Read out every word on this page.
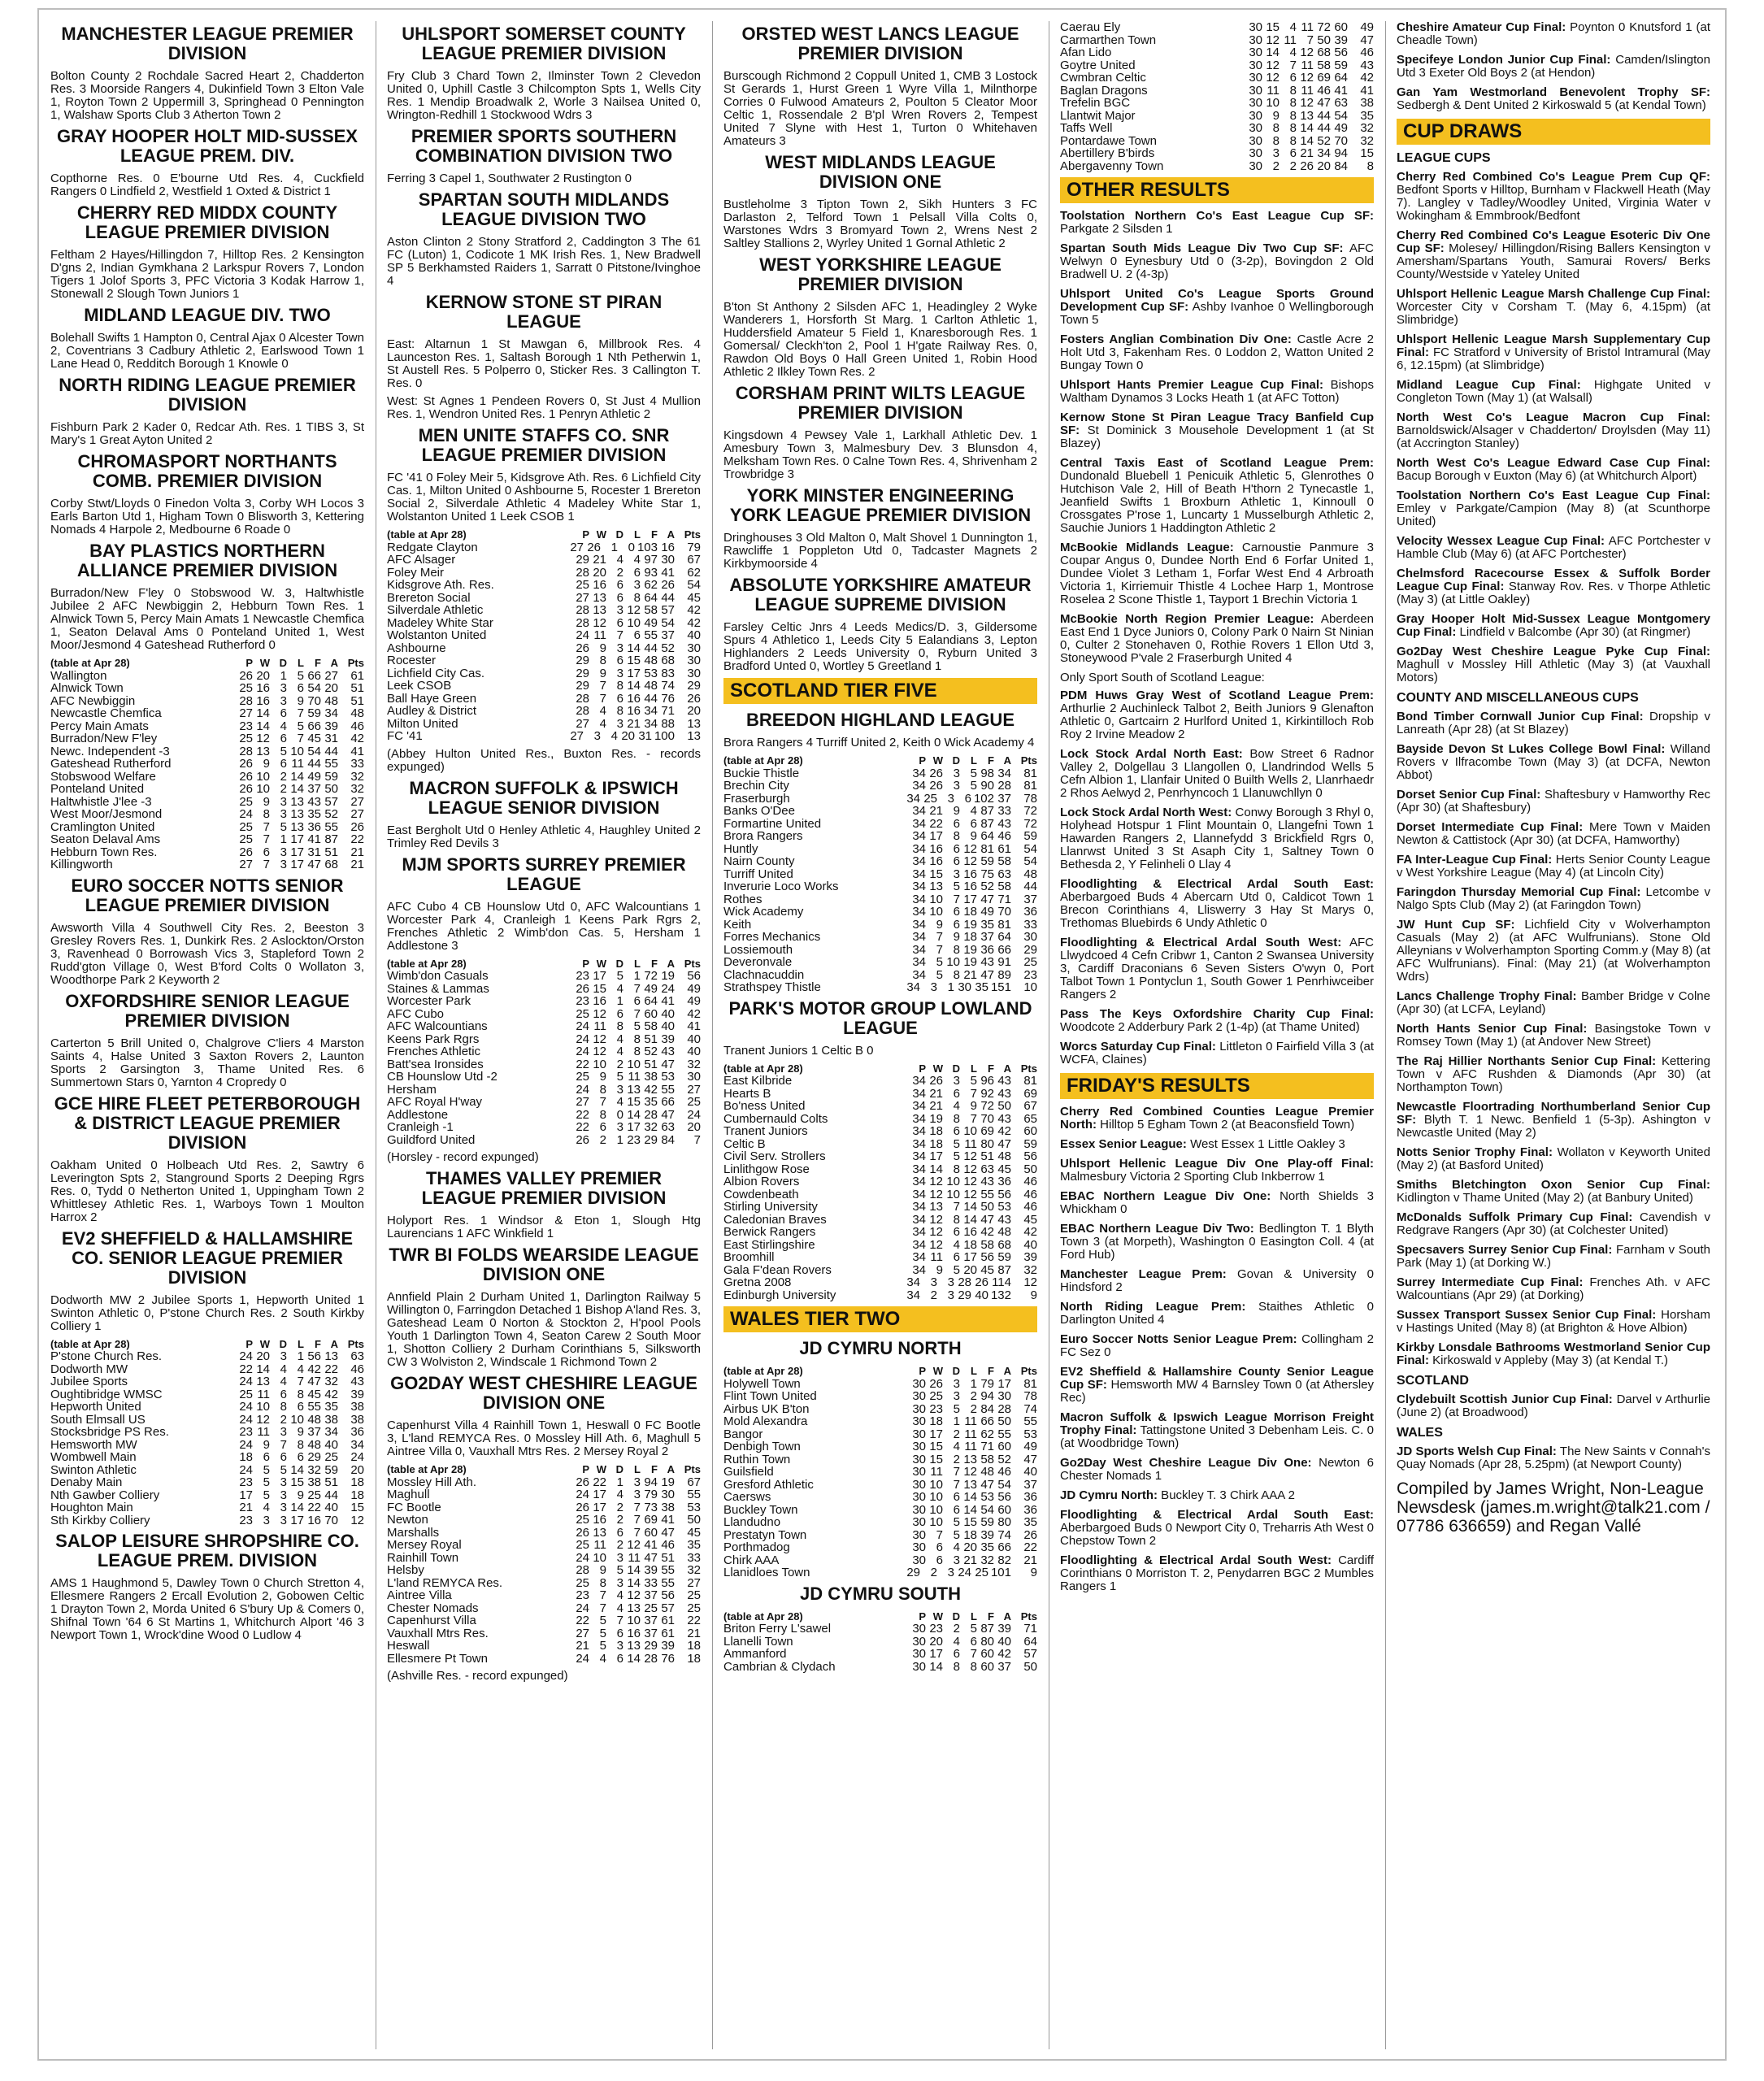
MANCHESTER LEAGUE PREMIER DIVISION
Bolton County 2 Rochdale Sacred Heart 2, Chadderton Res. 3 Moorside Rangers 4, Dukinfield Town 3 Elton Vale 1, Royton Town 2 Uppermill 3, Springhead 0 Pennington 1, Walshaw Sports Club 3 Atherton Town 2
GRAY HOOPER HOLT MID-SUSSEX LEAGUE PREM. DIV.
Copthorne Res. 0 E'bourne Utd Res. 4, Cuckfield Rangers 0 Lindfield 2, Westfield 1 Oxted & District 1
CHERRY RED MIDDX COUNTY LEAGUE PREMIER DIVISION
Feltham 2 Hayes/Hillingdon 7, Hilltop Res. 2 Kensington D'gns 2, Indian Gymkhana 2 Larkspur Rovers 7, London Tigers 1 Jolof Sports 3, PFC Victoria 3 Kodak Harrow 1, Stonewall 2 Slough Town Juniors 1
MIDLAND LEAGUE DIV. TWO
Bolehall Swifts 1 Hampton 0, Central Ajax 0 Alcester Town 2, Coventrians 3 Cadbury Athletic 2, Earlswood Town 1 Lane Head 0, Redditch Borough 1 Knowle 0
NORTH RIDING LEAGUE PREMIER DIVISION
Fishburn Park 2 Kader 0, Redcar Ath. Res. 1 TIBS 3, St Mary's 1 Great Ayton United 2
CHROMASPORT NORTHANTS COMB. PREMIER DIVISION
Corby Stwt/Lloyds 0 Finedon Volta 3, Corby WH Locos 3 Earls Barton Utd 1, Higham Town 0 Blisworth 3, Kettering Nomads 4 Harpole 2, Medbourne 6 Roade 0
BAY PLASTICS NORTHERN ALLIANCE PREMIER DIVISION
Burradon/New F'ley 0 Stobswood W. 3, Haltwhistle Jubilee 2 AFC Newbiggin 2, Hebburn Town Res. 1 Alnwick Town 5, Percy Main Amats 1 Newcastle Chemfica 1, Seaton Delaval Ams 0 Ponteland United 1, West Moor/Jesmond 4 Gateshead Rutherford 0
(table at Apr 28)	P W D	L	F A Pts
Wallington	26 20 1 5 66 27	61
Alnwick Town	25 16 3 6 54 20	51
AFC Newbiggin	28 16 3 9 70 48	51
Newcastle Chemfica	27 14 6 7 59 34	48
Percy Main Amats	23 14 4 5 66 39	46
Burradon/New F'ley	25 12 6 7 45 31	42
Newc. Independent -3	28 13 5 10 54 44	41
Gateshead Rutherford	26 9 6 11 44 55	33
Stobswood Welfare	26 10 2 14 49 59	32
Ponteland United	26 10 2 14 37 50	32
Haltwhistle J'lee -3	25 9 3 13 43 57	27
West Moor/Jesmond	24 8 3 13 35 52	27
Cramlington United	25 7 5 13 36 55	26
Seaton Delaval Ams	25 7 1 17 41 87	22
Hebburn Town Res.	26 6 3 17 31 51	21
Killingworth	27 7 3 17 47 68	21
EURO SOCCER NOTTS SENIOR LEAGUE PREMIER DIVISION
Awsworth Villa 4 Southwell City Res. 2, Beeston 3 Gresley Rovers Res. 1, Dunkirk Res. 2 Aslockton/Orston 3, Ravenhead 0 Borrowash Vics 3, Stapleford Town 2 Rudd'gton Village 0, West B'ford Colts 0 Wollaton 3, Woodthorpe Park 2 Keyworth 2
OXFORDSHIRE SENIOR LEAGUE PREMIER DIVISION
Carterton 5 Brill United 0, Chalgrove C'liers 4 Marston Saints 4, Halse United 3 Saxton Rovers 2, Launton Sports 2 Garsington 3, Thame United Res. 6 Summertown Stars 0, Yarnton 4 Cropredy 0
GCE HIRE FLEET PETERBOROUGH & DISTRICT LEAGUE PREMIER DIVISION
Oakham United 0 Holbeach Utd Res. 2, Sawtry 6 Leverington Spts 2, Stanground Sports 2 Deeping Rgrs Res. 0, Tydd 0 Netherton United 1, Uppingham Town 2 Whittlesey Athletic Res. 1, Warboys Town 1 Moulton Harrox 2
EV2 SHEFFIELD & HALLAMSHIRE CO. SENIOR LEAGUE PREMIER DIVISION
Dodworth MW 2 Jubilee Sports 1, Hepworth United 1 Swinton Athletic 0, P'stone Church Res. 2 South Kirkby Colliery 1
(table at Apr 28)	P W D	L	F A Pts
P'stone Church Res.	24 20 3 1 56 13	63
Dodworth MW	22 14 4 4 42 22	46
Jubilee Sports	24 13 4 7 47 32	43
Oughtibridge WMSC	25 11 6 8 45 42	39
Hepworth United	24 10 8 6 55 35	38
South Elmsall US	24 12 2 10 48 38	38
Stocksbridge PS Res.	23 11 3 9 37 34	36
Hemsworth MW	24 9 7 8 48 40	34
Wombwell Main	18 6 6 6 29 25	24
Swinton Athletic	24 5 5 14 32 59	20
Denaby Main	23 5 3 15 38 51	18
Nth Gawber Colliery	17 5 3 9 25 44	18
Houghton Main	21 4 3 14 22 40	15
Sth Kirkby Colliery	23 3 3 17 16 70	12
SALOP LEISURE SHROPSHIRE CO. LEAGUE PREM. DIVISION
AMS 1 Haughmond 5, Dawley Town 0 Church Stretton 4, Ellesmere Rangers 2 Ercall Evolution 2, Gobowen Celtic 1 Drayton Town 2, Morda United 6 S'bury Up & Comers 0, Shifnal Town '64 6 St Martins 1, Whitchurch Alport '46 3 Newport Town 1, Wrock'dine Wood 0 Ludlow 4
UHLSPORT SOMERSET COUNTY LEAGUE PREMIER DIVISION
Fry Club 3 Chard Town 2, Ilminster Town 2 Clevedon United 0, Uphill Castle 3 Chilcompton Spts 1, Wells City Res. 1 Mendip Broadwalk 2, Worle 3 Nailsea United 0, Wrington-Redhill 1 Stockwood Wdrs 3
PREMIER SPORTS SOUTHERN COMBINATION DIVISION TWO
Ferring 3 Capel 1, Southwater 2 Rustington 0
SPARTAN SOUTH MIDLANDS LEAGUE DIVISION TWO
Aston Clinton 2 Stony Stratford 2, Caddington 3 The 61 FC (Luton) 1, Codicote 1 MK Irish Res. 1, New Bradwell SP 5 Berkhamsted Raiders 1, Sarratt 0 Pitstone/Ivinghoe 4
KERNOW STONE ST PIRAN LEAGUE
East: Altarnun 1 St Mawgan 6, Millbrook Res. 4 Launceston Res. 1, Saltash Borough 1 Nth Petherwin 1, St Austell Res. 5 Polperro 0, Sticker Res. 3 Callington T. Res. 0
West: St Agnes 1 Pendeen Rovers 0, St Just 4 Mullion Res. 1, Wendron United Res. 1 Penryn Athletic 2
MEN UNITE STAFFS CO. SNR LEAGUE PREMIER DIVISION
FC '41 0 Foley Meir 5, Kidsgrove Ath. Res. 6 Lichfield City Cas. 1, Milton United 0 Ashbourne 5, Rocester 1 Brereton Social 2, Silverdale Athletic 4 Madeley White Star 1, Wolstanton United 1 Leek CSOB 1
(table at Apr 28)	P W D	L	F A Pts
Redgate Clayton	27 26 1 0 103 16	79
AFC Alsager	29 21 4 4 97 30	67
Foley Meir	28 20 2 6 93 41	62
Kidsgrove Ath. Res.	25 16 6 3 62 26	54
Brereton Social	27 13 6 8 64 44	45
Silverdale Athletic	28 13 3 12 58 57	42
Madeley White Star	28 12 6 10 49 54	42
Wolstanton United	24 11 7 6 55 37	40
Ashbourne	26 9 3 14 44 52	30
Rocester	29 8 6 15 48 68	30
Lichfield City Cas.	29 9 3 17 53 83	30
Leek CSOB	29 7 8 14 48 74	29
Ball Haye Green	28 7 6 16 44 76	26
Audley & District	28 4 8 16 34 71	20
Milton United	27 4 3 21 34 88	13
FC '41	27 3 4 20 31 100	13
(Abbey Hulton United Res., Buxton Res. - records expunged)
MACRON SUFFOLK & IPSWICH LEAGUE SENIOR DIVISION
East Bergholt Utd 0 Henley Athletic 4, Haughley United 2 Trimley Red Devils 3
MJM SPORTS SURREY PREMIER LEAGUE
AFC Cubo 4 CB Hounslow Utd 0, AFC Walcountians 1 Worcester Park 4, Cranleigh 1 Keens Park Rgrs 2, Frenches Athletic 2 Wimb'don Cas. 5, Hersham 1 Addlestone 3
(table at Apr 28)	P W D	L	F A Pts
Wimb'don Casuals	23 17 5 1 72 19	56
Staines & Lammas	26 15 4 7 49 24	49
Worcester Park	23 16 1 6 64 41	49
AFC Cubo	25 12 6 7 60 40	42
AFC Walcountians	24 11 8 5 58 40	41
Keens Park Rgrs	24 12 4 8 51 39	40
Frenches Athletic	24 12 4 8 52 43	40
Batt'sea Ironsides	22 10 2 10 51 47	32
CB Hounslow Utd -2	25 9 5 11 38 53	30
Hersham	24 8 3 13 42 55	27
AFC Royal H'way	27 7 4 15 35 66	25
Addlestone	22 8 0 14 28 47	24
Cranleigh -1	22 6 3 17 32 63	20
Guildford United	26 2 1 23 29 84	7
(Horsley - record expunged)
THAMES VALLEY PREMIER LEAGUE PREMIER DIVISION
Holyport Res. 1 Windsor & Eton 1, Slough Htg Laurencians 1 AFC Winkfield 1
TWR BI FOLDS WEARSIDE LEAGUE DIVISION ONE
Annfield Plain 2 Durham United 1, Darlington Railway 5 Willington 0, Farringdon Detached 1 Bishop A'land Res. 3, Gateshead Leam 0 Norton & Stockton 2, H'pool Pools Youth 1 Darlington Town 4, Seaton Carew 2 South Moor 1, Shotton Colliery 2 Durham Corinthians 5, Silksworth CW 3 Wolviston 2, Windscale 1 Richmond Town 2
GO2DAY WEST CHESHIRE LEAGUE DIVISION ONE
Capenhurst Villa 4 Rainhill Town 1, Heswall 0 FC Bootle 3, L'land REMYCA Res. 0 Mossley Hill Ath. 6, Maghull 5 Aintree Villa 0, Vauxhall Mtrs Res. 2 Mersey Royal 2
(table at Apr 28)	P W D	L	F A Pts
Mossley Hill Ath.	26 22 1 3 94 19	67
Maghull	24 17 4 3 79 30	55
FC Bootle	26 17 2 7 73 38	53
Newton	25 16 2 7 69 41	50
Marshalls	26 13 6 7 60 47	45
Mersey Royal	25 11 2 12 41 46	35
Rainhill Town	24 10 3 11 47 51	33
Helsby	28 9 5 14 39 55	32
L'land REMYCA Res.	25 8 3 14 33 55	27
Aintree Villa	23 7 4 12 37 56	25
Chester Nomads	24 7 4 13 25 57	25
Capenhurst Villa	22 5 7 10 37 61	22
Vauxhall Mtrs Res.	27 5 6 16 37 61	21
Heswall	21 5 3 13 29 39	18
Ellesmere Pt Town	24 4 6 14 28 76	18
(Ashville Res. - record expunged)
ORSTED WEST LANCS LEAGUE PREMIER DIVISION
Burscough Richmond 2 Coppull United 1, CMB 3 Lostock St Gerards 1, Hurst Green 1 Wyre Villa 1, Milnthorpe Corries 0 Fulwood Amateurs 2, Poulton 5 Cleator Moor Celtic 1, Rossendale 2 B'pl Wren Rovers 2, Tempest United 7 Slyne with Hest 1, Turton 0 Whitehaven Amateurs 3
WEST MIDLANDS LEAGUE DIVISION ONE
Bustleholme 3 Tipton Town 2, Sikh Hunters 3 FC Darlaston 2, Telford Town 1 Pelsall Villa Colts 0, Warstones Wdrs 3 Bromyard Town 2, Wrens Nest 2 Saltley Stallions 2, Wyrley United 1 Gornal Athletic 2
WEST YORKSHIRE LEAGUE PREMIER DIVISION
B'ton St Anthony 2 Silsden AFC 1, Headingley 2 Wyke Wanderers 1, Horsforth St Marg. 1 Carlton Athletic 1, Huddersfield Amateur 5 Field 1, Knaresborough Res. 1 Gomersal/ Cleckh'ton 2, Pool 1 H'gate Railway Res. 0, Rawdon Old Boys 0 Hall Green United 1, Robin Hood Athletic 2 Ilkley Town Res. 2
CORSHAM PRINT WILTS LEAGUE PREMIER DIVISION
Kingsdown 4 Pewsey Vale 1, Larkhall Athletic Dev. 1 Amesbury Town 3, Malmesbury Dev. 3 Blunsdon 4, Melksham Town Res. 0 Calne Town Res. 4, Shrivenham 2 Trowbridge 3
YORK MINSTER ENGINEERING YORK LEAGUE PREMIER DIVISION
Dringhouses 3 Old Malton 0, Malt Shovel 1 Dunnington 1, Rawcliffe 1 Poppleton Utd 0, Tadcaster Magnets 2 Kirkbymoorside 4
ABSOLUTE YORKSHIRE AMATEUR LEAGUE SUPREME DIVISION
Farsley Celtic Jnrs 4 Leeds Medics/D. 3, Gildersome Spurs 4 Athletico 1, Leeds City 5 Ealandians 3, Lepton Highlanders 2 Leeds University 0, Ryburn United 3 Bradford Unted 0, Wortley 5 Greetland 1
SCOTLAND TIER FIVE
BREEDON HIGHLAND LEAGUE
Brora Rangers 4 Turriff United 2, Keith 0 Wick Academy 4
(table at Apr 28)	P W D	L	F A Pts
Buckie Thistle	34 26 3 5 98 34	81
Brechin City	34 26 3 5 90 28	81
Fraserburgh	34 25 3 6 102 37	78
Banks O'Dee	34 21 9 4 87 33	72
Formartine United	34 22 6 6 87 43	72
Brora Rangers	34 17 8 9 64 46	59
Huntly	34 16 6 12 81 61	54
Nairn County	34 16 6 12 59 58	54
Turriff United	34 15 3 16 75 63	48
Inverurie Loco Works	34 13 5 16 52 58	44
Rothes	34 10 7 17 47 71	37
Wick Academy	34 10 6 18 49 70	36
Keith	34 9 6 19 35 81	33
Forres Mechanics	34 7 9 18 37 64	30
Lossiemouth	34 7 8 19 36 66	29
Deveronvale	34 5 10 19 43 91	25
Clachnacuddin	34 5 8 21 47 89	23
Strathspey Thistle	34 3 1 30 35 151	10
PARK'S MOTOR GROUP LOWLAND LEAGUE
Tranent Juniors 1 Celtic B 0
(table at Apr 28)	P W D	L	F A Pts
East Kilbride	34 26 3 5 96 43	81
Hearts B	34 21 6 7 92 43	69
Bo'ness United	34 21 4 9 72 50	67
Cumbernauld Colts	34 19 8 7 70 43	65
Tranent Juniors	34 18 6 10 69 42	60
Celtic B	34 18 5 11 80 47	59
Civil Serv. Strollers	34 17 5 12 51 48	56
Linlithgow Rose	34 14 8 12 63 45	50
Albion Rovers	34 12 10 12 43 36	46
Cowdenbeath	34 12 10 12 55 56	46
Stirling University	34 13 7 14 50 53	46
Caledonian Braves	34 12 8 14 47 43	45
Berwick Rangers	34 12 6 16 42 48	42
East Stirlingshire	34 12 4 18 58 68	40
Broomhill	34 11 6 17 56 59	39
Gala F'dean Rovers	34 9 5 20 45 87	32
Gretna 2008	34 3 3 28 26 114	12
Edinburgh University	34 2 3 29 40 132	9
WALES TIER TWO
JD CYMRU NORTH
(table at Apr 28)	P W D	L	F A Pts
Holywell Town	30 26 3 1 79 17	81
Flint Town United	30 25 3 2 94 30	78
Airbus UK B'ton	30 23 5 2 84 28	74
Mold Alexandra	30 18 1 11 66 50	55
Bangor	30 17 2 11 62 55	53
Denbigh Town	30 15 4 11 71 60	49
Ruthin Town	30 15 2 13 58 52	47
Guilsfield	30 11 7 12 48 46	40
Gresford Athletic	30 10 7 13 47 54	37
Caersws	30 10 6 14 53 56	36
Buckley Town	30 10 6 14 54 60	36
Llandudno	30 10 5 15 59 80	35
Prestatyn Town	30 7 5 18 39 74	26
Porthmadog	30 6 4 20 35 66	22
Chirk AAA	30 6 3 21 32 82	21
Llanidloes Town	29 2 3 24 25 101	9
JD CYMRU SOUTH
(table at Apr 28)	P W D	L	F A Pts
Briton Ferry L'sawel	30 23 2 5 87 39	71
Llanelli Town	30 20 4 6 80 40	64
Ammanford	30 17 6 7 60 42	57
Cambrian & Clydach	30 14 8 8 60 37	50
Caerau Ely	30 15 4 11 72 60	49
Carmarthen Town	30 12 11 7 50 39	47
Afan Lido	30 14 4 12 68 56	46
Goytre United	30 12 7 11 58 59	43
Cwmbran Celtic	30 12 6 12 69 64	42
Baglan Dragons	30 11 8 11 46 41	41
Trefelin BGC	30 10 8 12 47 63	38
Llantwit Major	30 9 8 13 44 54	35
Taffs Well	30 8 8 14 44 49	32
Pontardawe Town	30 8 8 14 52 70	32
Abertillery B'birds	30 3 6 21 34 94	15
Abergavenny Town	30 2 2 26 20 84	8
OTHER RESULTS
Toolstation Northern Co's East League Cup SF: Parkgate 2 Silsden 1
Spartan South Mids League Div Two Cup SF: AFC Welwyn 0 Eynesbury Utd 0 (3-2p), Bovingdon 2 Old Bradwell U. 2 (4-3p)
Uhlsport United Co's League Sports Ground Development Cup SF: Ashby Ivanhoe 0 Wellingborough Town 5
Fosters Anglian Combination Div One: Castle Acre 2 Holt Utd 3, Fakenham Res. 0 Loddon 2, Watton United 2 Bungay Town 0
Uhlsport Hants Premier League Cup Final: Bishops Waltham Dynamos 3 Locks Heath 1 (at AFC Totton)
Kernow Stone St Piran League Tracy Banfield Cup SF: St Dominick 3 Mousehole Development 1 (at St Blazey)
Central Taxis East of Scotland League Prem: Dundonald Bluebell 1 Penicuik Athletic 5, Glenrothes 0 Hutchison Vale 2, Hill of Beath H'thorn 2 Tynecastle 1, Jeanfield Swifts 1 Broxburn Athletic 1, Kinnoull 0 Crossgates P'rose 1, Luncarty 1 Musselburgh Athletic 2, Sauchie Juniors 1 Haddington Athletic 2
McBookie Midlands League: Carnoustie Panmure 3 Coupar Angus 0, Dundee North End 6 Forfar United 1, Dundee Violet 3 Letham 1, Forfar West End 4 Arbroath Victoria 1, Kirriemuir Thistle 4 Lochee Harp 1, Montrose Roselea 2 Scone Thistle 1, Tayport 1 Brechin Victoria 1
McBookie North Region Premier League: Aberdeen East End 1 Dyce Juniors 0, Colony Park 0 Nairn St Ninian 0, Culter 2 Stonehaven 0, Rothie Rovers 1 Ellon Utd 3, Stoneywood P'vale 2 Fraserburgh United 4
Only Sport South of Scotland League:
PDM Huws Gray West of Scotland League Prem: Arthurlie 2 Auchinleck Talbot 2, Beith Juniors 9 Glenafton Athletic 0, Gartcairn 2 Hurlford United 1, Kirkintilloch Rob Roy 2 Irvine Meadow 2
Lock Stock Ardal North East: Bow Street 6 Radnor Valley 2, Dolgellau 3 Llangollen 0, Llandrindod Wells 5 Cefn Albion 1, Llanfair United 0 Builth Wells 2, Llanrhaedr 2 Rhos Aelwyd 2, Penrhyncoch 1 Llanuwchllyn 0
Lock Stock Ardal North West: Conwy Borough 3 Rhyl 0, Holyhead Hotspur 1 Flint Mountain 0, Llangefni Town 1 Hawarden Rangers 2, Llannefydd 3 Brickfield Rgrs 0, Llanrwst United 3 St Asaph City 1, Saltney Town 0 Bethesda 2, Y Felinheli 0 Llay 4
Floodlighting & Electrical Ardal South East: Aberbargoed Buds 4 Abercarn Utd 0, Caldicot Town 1 Brecon Corinthians 4, Lliswerry 3 Hay St Marys 0, Trethomas Bluebirds 6 Undy Athletic 0
Floodlighting & Electrical Ardal South West: AFC Llwydcoed 4 Cefn Cribwr 1, Canton 2 Swansea University 3, Cardiff Draconians 6 Seven Sisters O'wyn 0, Port Talbot Town 1 Pontyclun 1, South Gower 1 Penrhiwceiber Rangers 2
Pass The Keys Oxfordshire Charity Cup Final: Woodcote 2 Adderbury Park 2 (1-4p) (at Thame United)
Worcs Saturday Cup Final: Littleton 0 Fairfield Villa 3 (at WCFA, Claines)
FRIDAY'S RESULTS
Cherry Red Combined Counties League Premier North: Hilltop 5 Egham Town 2 (at Beaconsfield Town)
Essex Senior League: West Essex 1 Little Oakley 3
Uhlsport Hellenic League Div One Play-off Final: Malmesbury Victoria 2 Sporting Club Inkberrow 1
EBAC Northern League Div One: North Shields 3 Whickham 0
EBAC Northern League Div Two: Bedlington T. 1 Blyth Town 3 (at Morpeth), Washington 0 Easington Coll. 4 (at Ford Hub)
Manchester League Prem: Govan & University 0 Hindsford 2
North Riding League Prem: Staithes Athletic 0 Darlington United 4
Euro Soccer Notts Senior League Prem: Collingham 2 FC Sez 0
EV2 Sheffield & Hallamshire County Senior League Cup SF: Hemsworth MW 4 Barnsley Town 0 (at Athersley Rec)
Macron Suffolk & Ipswich League Morrison Freight Trophy Final: Tattingstone United 3 Debenham Leis. C. 0 (at Woodbridge Town)
Go2Day West Cheshire League Div One: Newton 6 Chester Nomads 1
JD Cymru North: Buckley T. 3 Chirk AAA 2
Floodlighting & Electrical Ardal South East: Aberbargoed Buds 0 Newport City 0, Treharris Ath West 0 Chepstow Town 2
Floodlighting & Electrical Ardal South West: Cardiff Corinthians 0 Morriston T. 2, Penydarren BGC 2 Mumbles Rangers 1
Cheshire Amateur Cup Final: Poynton 0 Knutsford 1 (at Cheadle Town)
Specifeye London Junior Cup Final: Camden/Islington Utd 3 Exeter Old Boys 2 (at Hendon)
Gan Yam Westmorland Benevolent Trophy SF: Sedbergh & Dent United 2 Kirkoswald 5 (at Kendal Town)
CUP DRAWS
LEAGUE CUPS
Cherry Red Combined Co's League Prem Cup QF: Bedfont Sports v Hilltop, Burnham v Flackwell Heath (May 7). Langley v Tadley/Woodley United, Virginia Water v Wokingham & Emmbrook/Bedfont
Cherry Red Combined Co's League Esoteric Div One Cup SF: Molesey/ Hillingdon/Rising Ballers Kensington v Amersham/Spartans Youth, Samurai Rovers/ Berks County/Westside v Yateley United
Uhlsport Hellenic League Marsh Challenge Cup Final: Worcester City v Corsham T. (May 6, 4.15pm) (at Slimbridge)
Uhlsport Hellenic League Marsh Supplementary Cup Final: FC Stratford v University of Bristol Intramural (May 6, 12.15pm) (at Slimbridge)
Midland League Cup Final: Highgate United v Congleton Town (May 1) (at Walsall)
North West Co's League Macron Cup Final: Barnoldswick/Alsager v Chadderton/ Droylsden (May 11) (at Accrington Stanley)
North West Co's League Edward Case Cup Final: Bacup Borough v Euxton (May 6) (at Whitchurch Alport)
Toolstation Northern Co's East League Cup Final: Emley v Parkgate/Campion (May 8) (at Scunthorpe United)
Velocity Wessex League Cup Final: AFC Portchester v Hamble Club (May 6) (at AFC Portchester)
Chelmsford Racecourse Essex & Suffolk Border League Cup Final: Stanway Rov. Res. v Thorpe Athletic (May 3) (at Little Oakley)
Gray Hooper Holt Mid-Sussex League Montgomery Cup Final: Lindfield v Balcombe (Apr 30) (at Ringmer)
Go2Day West Cheshire League Pyke Cup Final: Maghull v Mossley Hill Athletic (May 3) (at Vauxhall Motors)
COUNTY AND MISCELLANEOUS CUPS
Bond Timber Cornwall Junior Cup Final: Dropship v Lanreath (Apr 28) (at St Blazey)
Bayside Devon St Lukes College Bowl Final: Willand Rovers v Ilfracombe Town (May 3) (at DCFA, Newton Abbot)
Dorset Senior Cup Final: Shaftesbury v Hamworthy Rec (Apr 30) (at Shaftesbury)
Dorset Intermediate Cup Final: Mere Town v Maiden Newton & Cattistock (Apr 30) (at DCFA, Hamworthy)
FA Inter-League Cup Final: Herts Senior County League v West Yorkshire League (May 4) (at Lincoln City)
Faringdon Thursday Memorial Cup Final: Letcombe v Nalgo Spts Club (May 2) (at Faringdon Town)
JW Hunt Cup SF: Lichfield City v Wolverhampton Casuals (May 2) (at AFC Wulfrunians). Stone Old Alleynians v Wolverhampton Sporting Comm.y (May 8) (at AFC Wulfrunians). Final: (May 21) (at Wolverhampton Wdrs)
Lancs Challenge Trophy Final: Bamber Bridge v Colne (Apr 30) (at LCFA, Leyland)
North Hants Senior Cup Final: Basingstoke Town v Romsey Town (May 1) (at Andover New Street)
The Raj Hillier Northants Senior Cup Final: Kettering Town v AFC Rushden & Diamonds (Apr 30) (at Northampton Town)
Newcastle Floortrading Northumberland Senior Cup SF: Blyth T. 1 Newc. Benfield 1 (5-3p). Ashington v Newcastle United (May 2)
Notts Senior Trophy Final: Wollaton v Keyworth United (May 2) (at Basford United)
Smiths Bletchington Oxon Senior Cup Final: Kidlington v Thame United (May 2) (at Banbury United)
McDonalds Suffolk Primary Cup Final: Cavendish v Redgrave Rangers (Apr 30) (at Colchester United)
Specsavers Surrey Senior Cup Final: Farnham v South Park (May 1) (at Dorking W.)
Surrey Intermediate Cup Final: Frenches Ath. v AFC Walcountians (Apr 29) (at Dorking)
Sussex Transport Sussex Senior Cup Final: Horsham v Hastings United (May 8) (at Brighton & Hove Albion)
Kirkby Lonsdale Bathrooms Westmorland Senior Cup Final: Kirkoswald v Appleby (May 3) (at Kendal T.)
SCOTLAND
Clydebuilt Scottish Junior Cup Final: Darvel v Arthurlie (June 2) (at Broadwood)
WALES
JD Sports Welsh Cup Final: The New Saints v Connah's Quay Nomads (Apr 28, 5.25pm) (at Newport County)
Compiled by James Wright, Non-League Newsdesk (james.m.wright@talk21.com / 07786 636659) and Regan Vallé
